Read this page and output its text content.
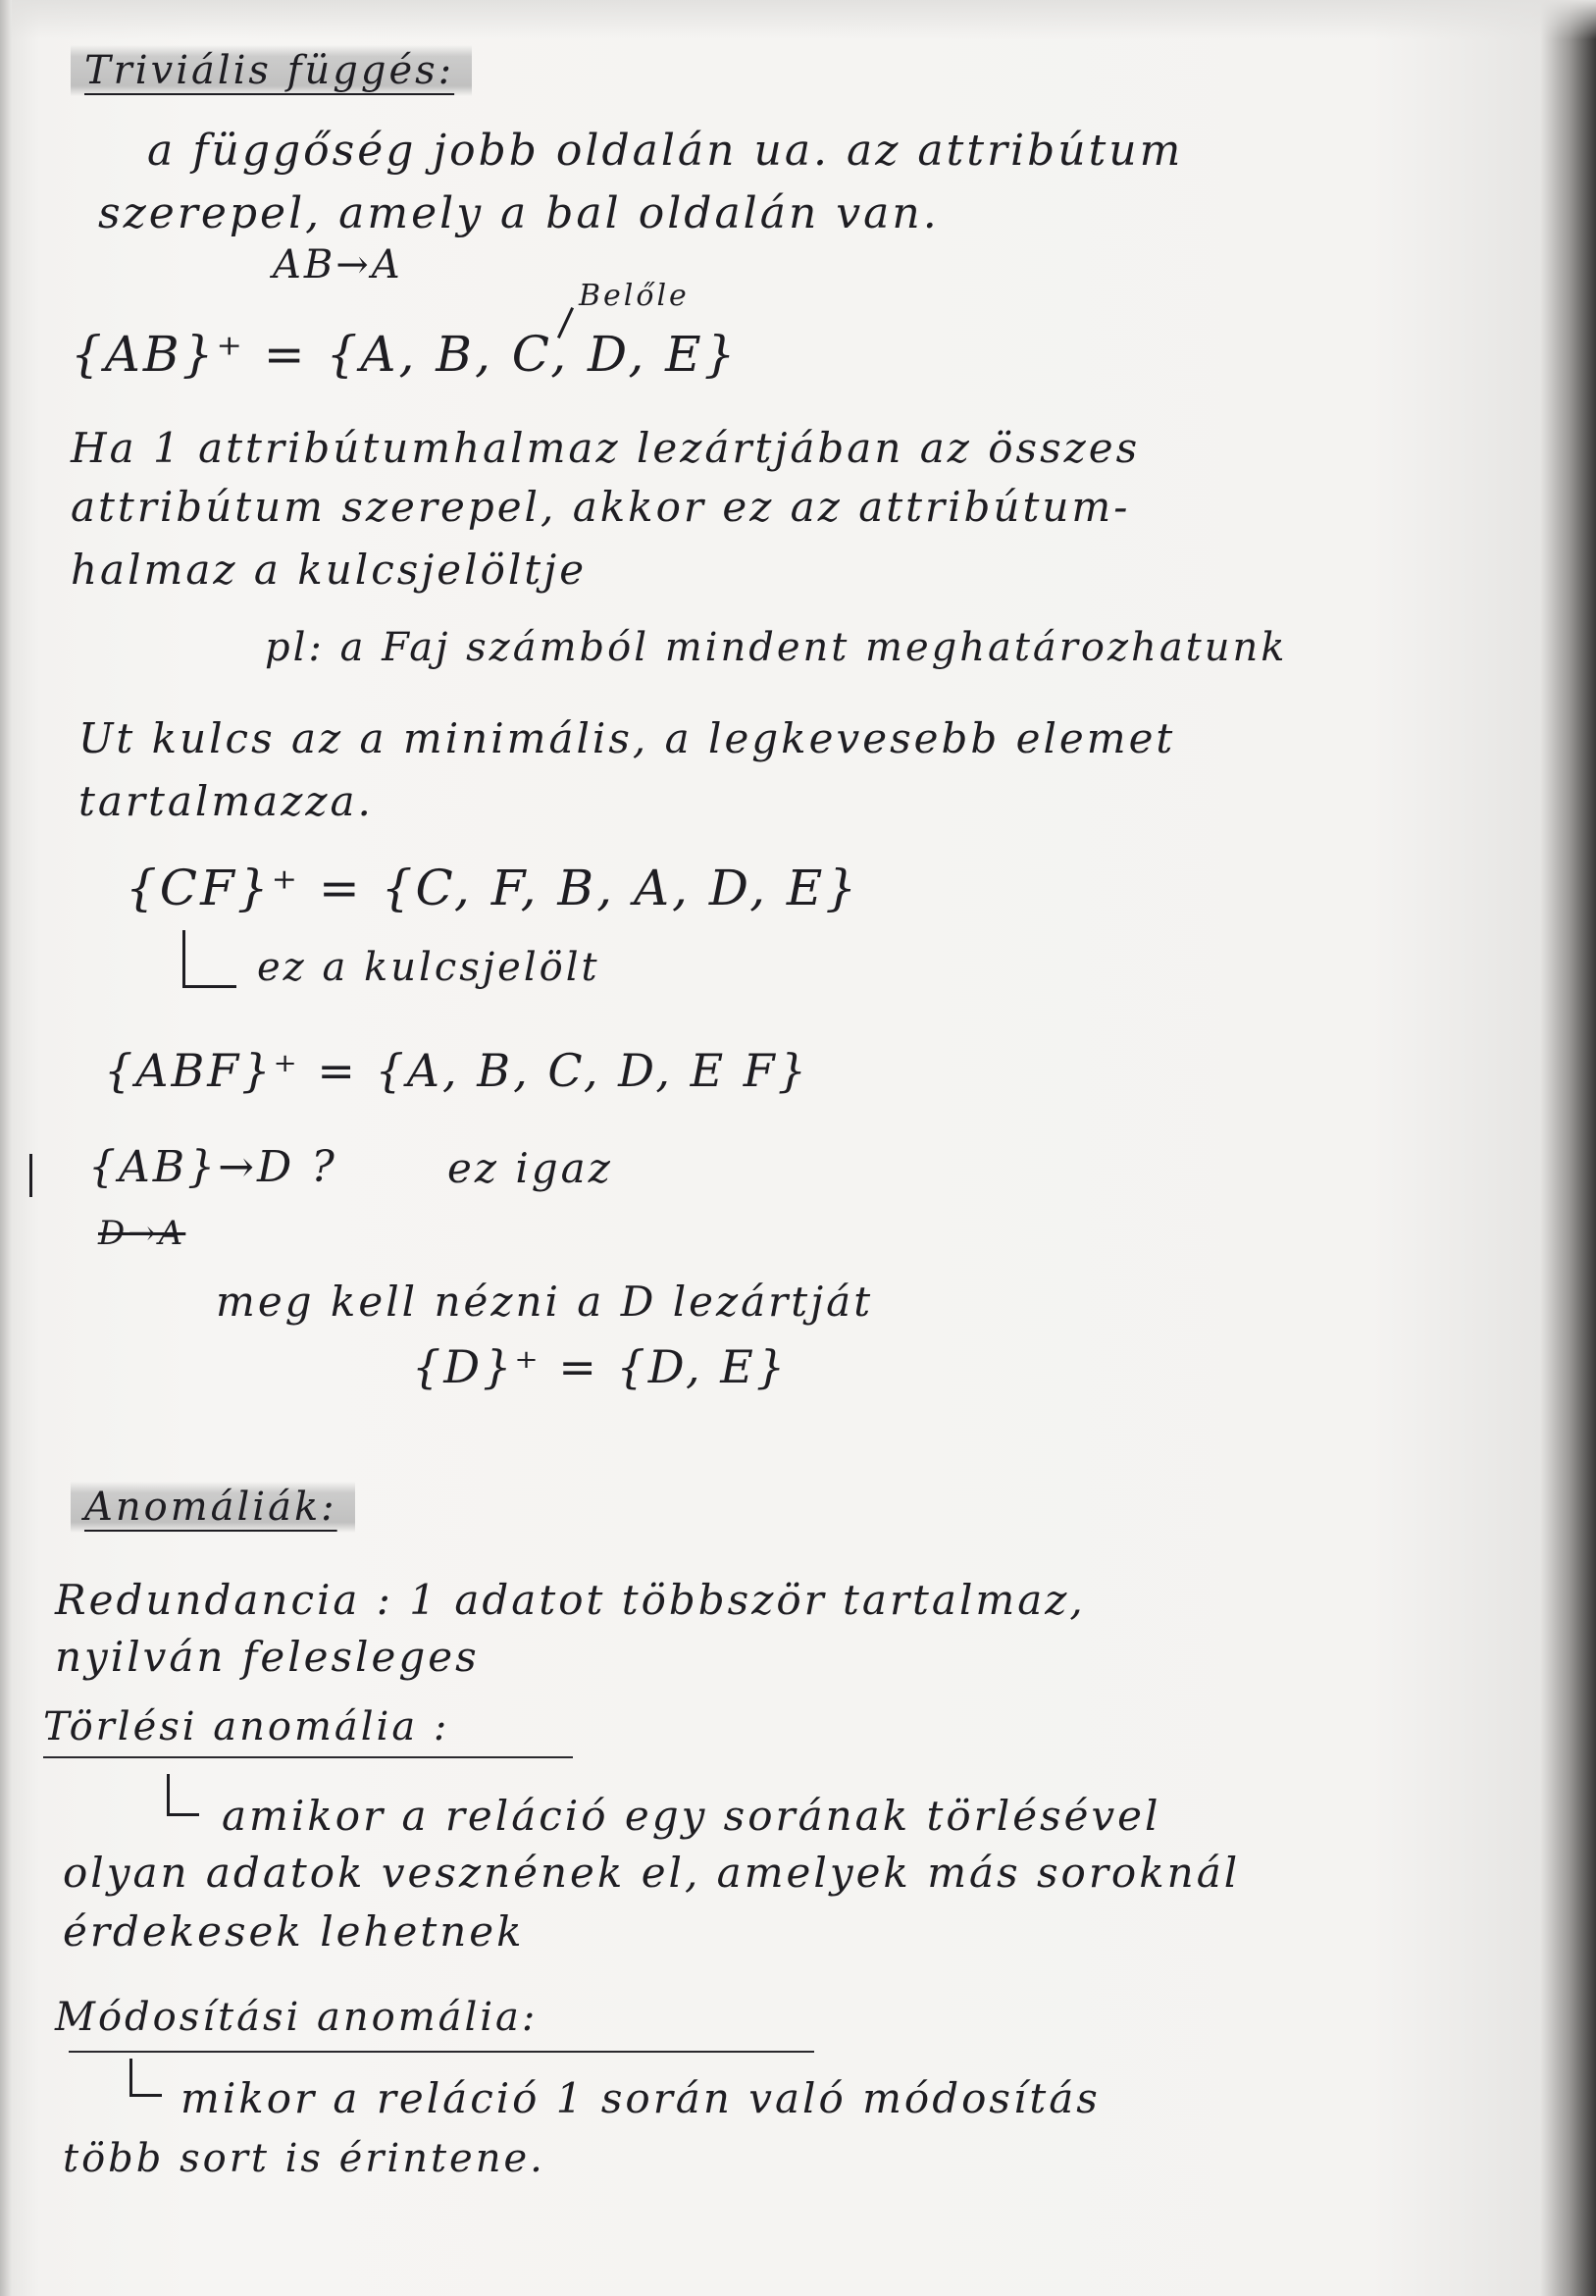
Triviális függés:
a függőség jobb oldalán ua. az attribútum
szerepel, amely a bal oldalán van.
AB→A
Belőle
{AB}⁺ = {A, B, C, D, E}
Ha 1 attribútumhalmaz lezártjában az összes
attribútum szerepel, akkor ez az attribútum-
halmaz a kulcsjelöltje
pl: a Faj számból mindent meghatározhatunk
Ut kulcs az a minimális, a legkevesebb elemet
tartalmazza.
{CF}⁺ = {C, F, B, A, D, E}
ez a kulcsjelölt
{ABF}⁺ = {A, B, C, D, E F}
{AB}→D ?	ez igaz
D→A
meg kell nézni a D lezártját
{D}⁺ = {D, E}
Anomáliák:
Redundancia : 1 adatot többször tartalmaz,
nyilván felesleges
Törlési anomália :
amikor a reláció egy sorának törlésével
olyan adatok vesznének el, amelyek más soroknál
érdekesek lehetnek
Módosítási anomália:
mikor a reláció 1 során való módosítás
több sort is érintene.
